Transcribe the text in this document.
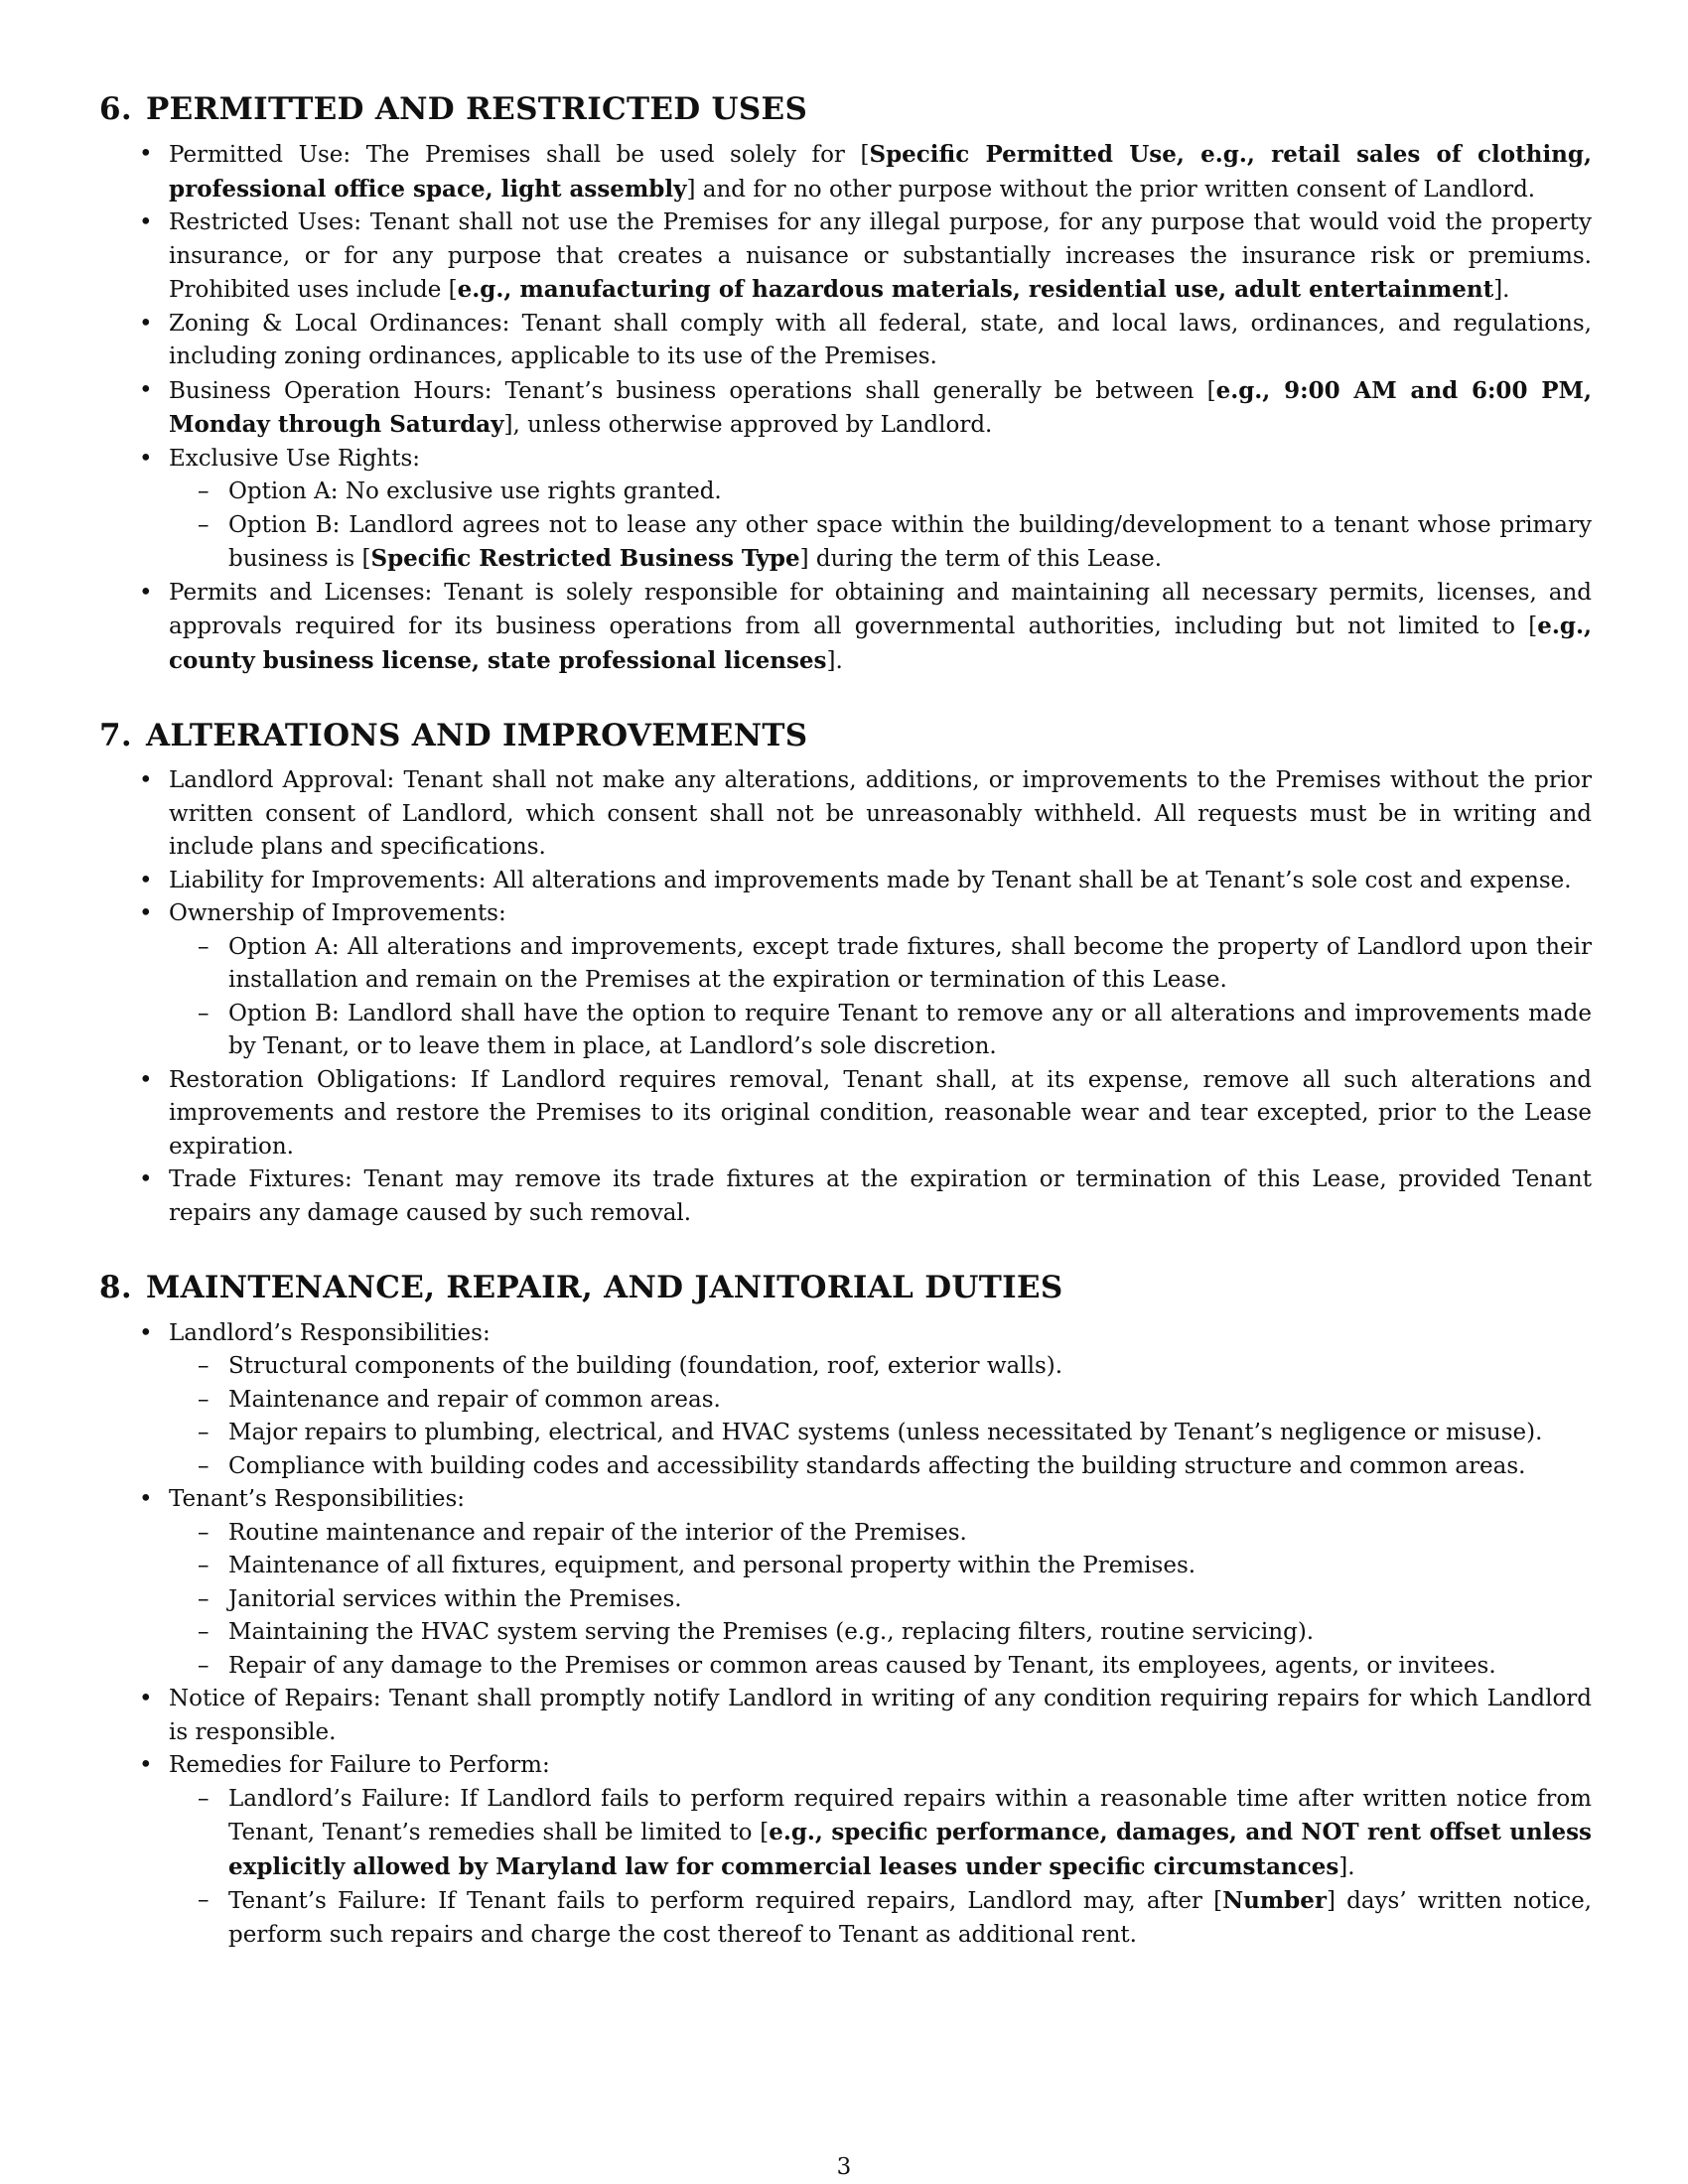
6. PERMITTED AND RESTRICTED USES
• Permitted Use: The Premises shall be used solely for [Specific Permitted Use, e.g., retail sales of clothing, professional office space, light assembly] and for no other purpose without the prior written consent of Landlord.
• Restricted Uses: Tenant shall not use the Premises for any illegal purpose, for any purpose that would void the property insurance, or for any purpose that creates a nuisance or substantially increases the insurance risk or premiums. Prohibited uses include [e.g., manufacturing of hazardous materials, residential use, adult entertainment].
• Zoning & Local Ordinances: Tenant shall comply with all federal, state, and local laws, ordinances, and regulations, including zoning ordinances, applicable to its use of the Premises.
• Business Operation Hours: Tenant’s business operations shall generally be between [e.g., 9:00 AM and 6:00 PM, Monday through Saturday], unless otherwise approved by Landlord.
• Exclusive Use Rights:
– Option A: No exclusive use rights granted.
– Option B: Landlord agrees not to lease any other space within the building/development to a tenant whose primary business is [Specific Restricted Business Type] during the term of this Lease.
• Permits and Licenses: Tenant is solely responsible for obtaining and maintaining all necessary permits, licenses, and approvals required for its business operations from all governmental authorities, including but not limited to [e.g., county business license, state professional licenses].
7. ALTERATIONS AND IMPROVEMENTS
• Landlord Approval: Tenant shall not make any alterations, additions, or improvements to the Premises without the prior written consent of Landlord, which consent shall not be unreasonably withheld. All requests must be in writing and include plans and specifications.
• Liability for Improvements: All alterations and improvements made by Tenant shall be at Tenant’s sole cost and expense.
• Ownership of Improvements:
– Option A: All alterations and improvements, except trade fixtures, shall become the property of Landlord upon their installation and remain on the Premises at the expiration or termination of this Lease.
– Option B: Landlord shall have the option to require Tenant to remove any or all alterations and improvements made by Tenant, or to leave them in place, at Landlord’s sole discretion.
• Restoration Obligations: If Landlord requires removal, Tenant shall, at its expense, remove all such alterations and improvements and restore the Premises to its original condition, reasonable wear and tear excepted, prior to the Lease expiration.
• Trade Fixtures: Tenant may remove its trade fixtures at the expiration or termination of this Lease, provided Tenant repairs any damage caused by such removal.
8. MAINTENANCE, REPAIR, AND JANITORIAL DUTIES
• Landlord’s Responsibilities:
– Structural components of the building (foundation, roof, exterior walls).
– Maintenance and repair of common areas.
– Major repairs to plumbing, electrical, and HVAC systems (unless necessitated by Tenant’s negligence or misuse).
– Compliance with building codes and accessibility standards affecting the building structure and common areas.
• Tenant’s Responsibilities:
– Routine maintenance and repair of the interior of the Premises.
– Maintenance of all fixtures, equipment, and personal property within the Premises.
– Janitorial services within the Premises.
– Maintaining the HVAC system serving the Premises (e.g., replacing filters, routine servicing).
– Repair of any damage to the Premises or common areas caused by Tenant, its employees, agents, or invitees.
• Notice of Repairs: Tenant shall promptly notify Landlord in writing of any condition requiring repairs for which Landlord is responsible.
• Remedies for Failure to Perform:
– Landlord’s Failure: If Landlord fails to perform required repairs within a reasonable time after written notice from Tenant, Tenant’s remedies shall be limited to [e.g., specific performance, damages, and NOT rent offset unless explicitly allowed by Maryland law for commercial leases under specific circumstances].
– Tenant’s Failure: If Tenant fails to perform required repairs, Landlord may, after [Number] days’ written notice, perform such repairs and charge the cost thereof to Tenant as additional rent.
3
